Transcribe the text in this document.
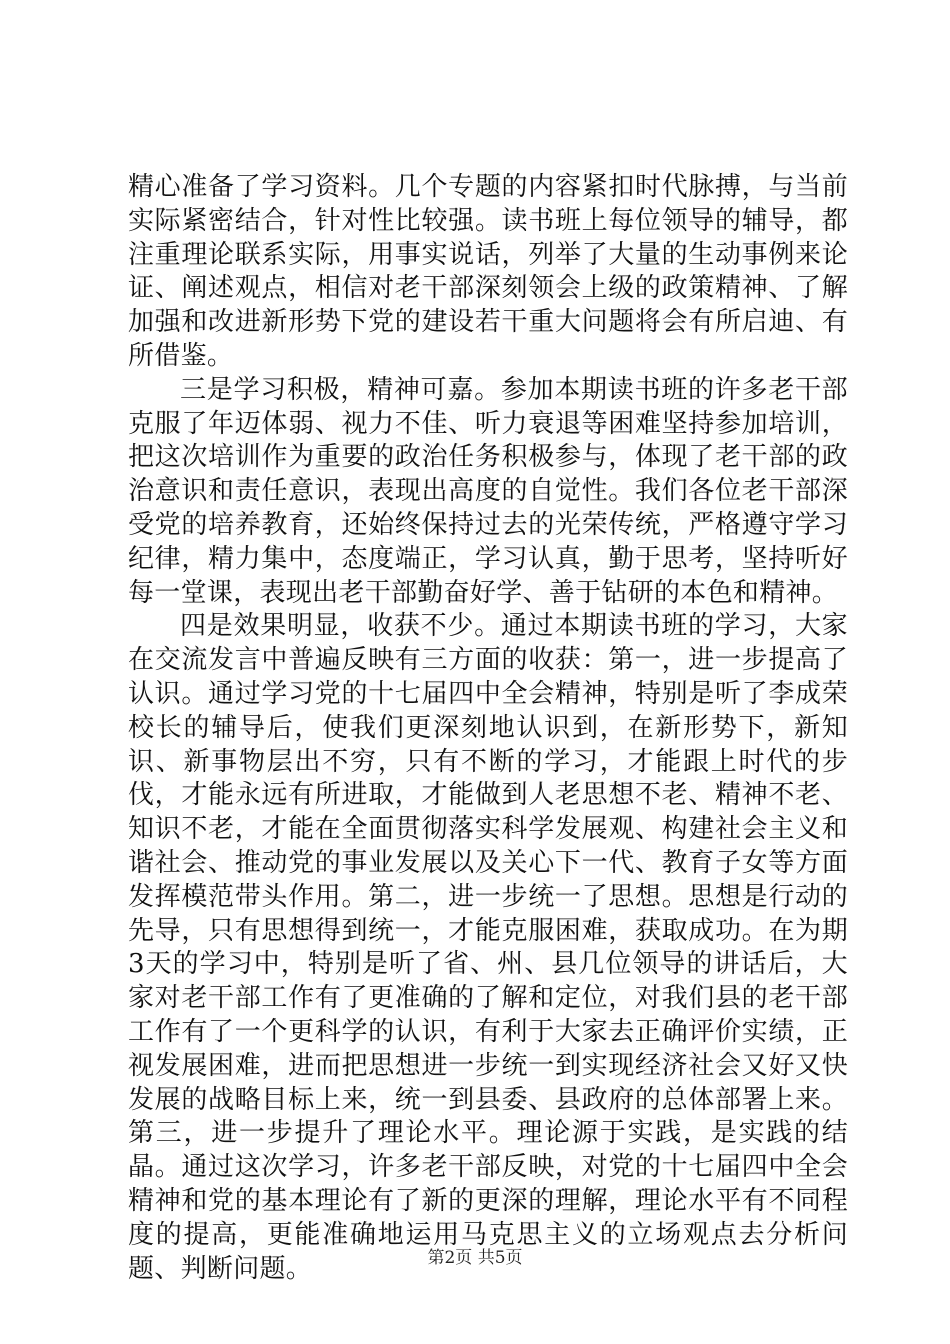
精心准备了学习资料。几个专题的内容紧扣时代脉搏，与当前实际紧密结合，针对性比较强。读书班上每位领导的辅导，都注重理论联系实际，用事实说话，列举了大量的生动事例来论证、阐述观点，相信对老干部深刻领会上级的政策精神、了解加强和改进新形势下党的建设若干重大问题将会有所启迪、有所借鉴。

三是学习积极，精神可嘉。参加本期读书班的许多老干部克服了年迈体弱、视力不佳、听力衰退等困难坚持参加培训，把这次培训作为重要的政治任务积极参与，体现了老干部的政治意识和责任意识，表现出高度的自觉性。我们各位老干部深受党的培养教育，还始终保持过去的光荣传统，严格遵守学习纪律，精力集中，态度端正，学习认真，勤于思考，坚持听好每一堂课，表现出老干部勤奋好学、善于钻研的本色和精神。

四是效果明显，收获不少。通过本期读书班的学习，大家在交流发言中普遍反映有三方面的收获：第一，进一步提高了认识。通过学习党的十七届四中全会精神，特别是听了李成荣校长的辅导后，使我们更深刻地认识到，在新形势下，新知识、新事物层出不穷，只有不断的学习，才能跟上时代的步伐，才能永远有所进取，才能做到人老思想不老、精神不老、知识不老，才能在全面贯彻落实科学发展观、构建社会主义和谐社会、推动党的事业发展以及关心下一代、教育子女等方面发挥模范带头作用。第二，进一步统一了思想。思想是行动的先导，只有思想得到统一，才能克服困难，获取成功。在为期3天的学习中，特别是听了省、州、县几位领导的讲话后，大家对老干部工作有了更准确的了解和定位，对我们县的老干部工作有了一个更科学的认识，有利于大家去正确评价实绩，正视发展困难，进而把思想进一步统一到实现经济社会又好又快发展的战略目标上来，统一到县委、县政府的总体部署上来。第三，进一步提升了理论水平。理论源于实践，是实践的结晶。通过这次学习，许多老干部反映，对党的十七届四中全会精神和党的基本理论有了新的更深的理解，理论水平有不同程度的提高，更能准确地运用马克思主义的立场观点去分析问题、判断问题。	第2页 共5页
